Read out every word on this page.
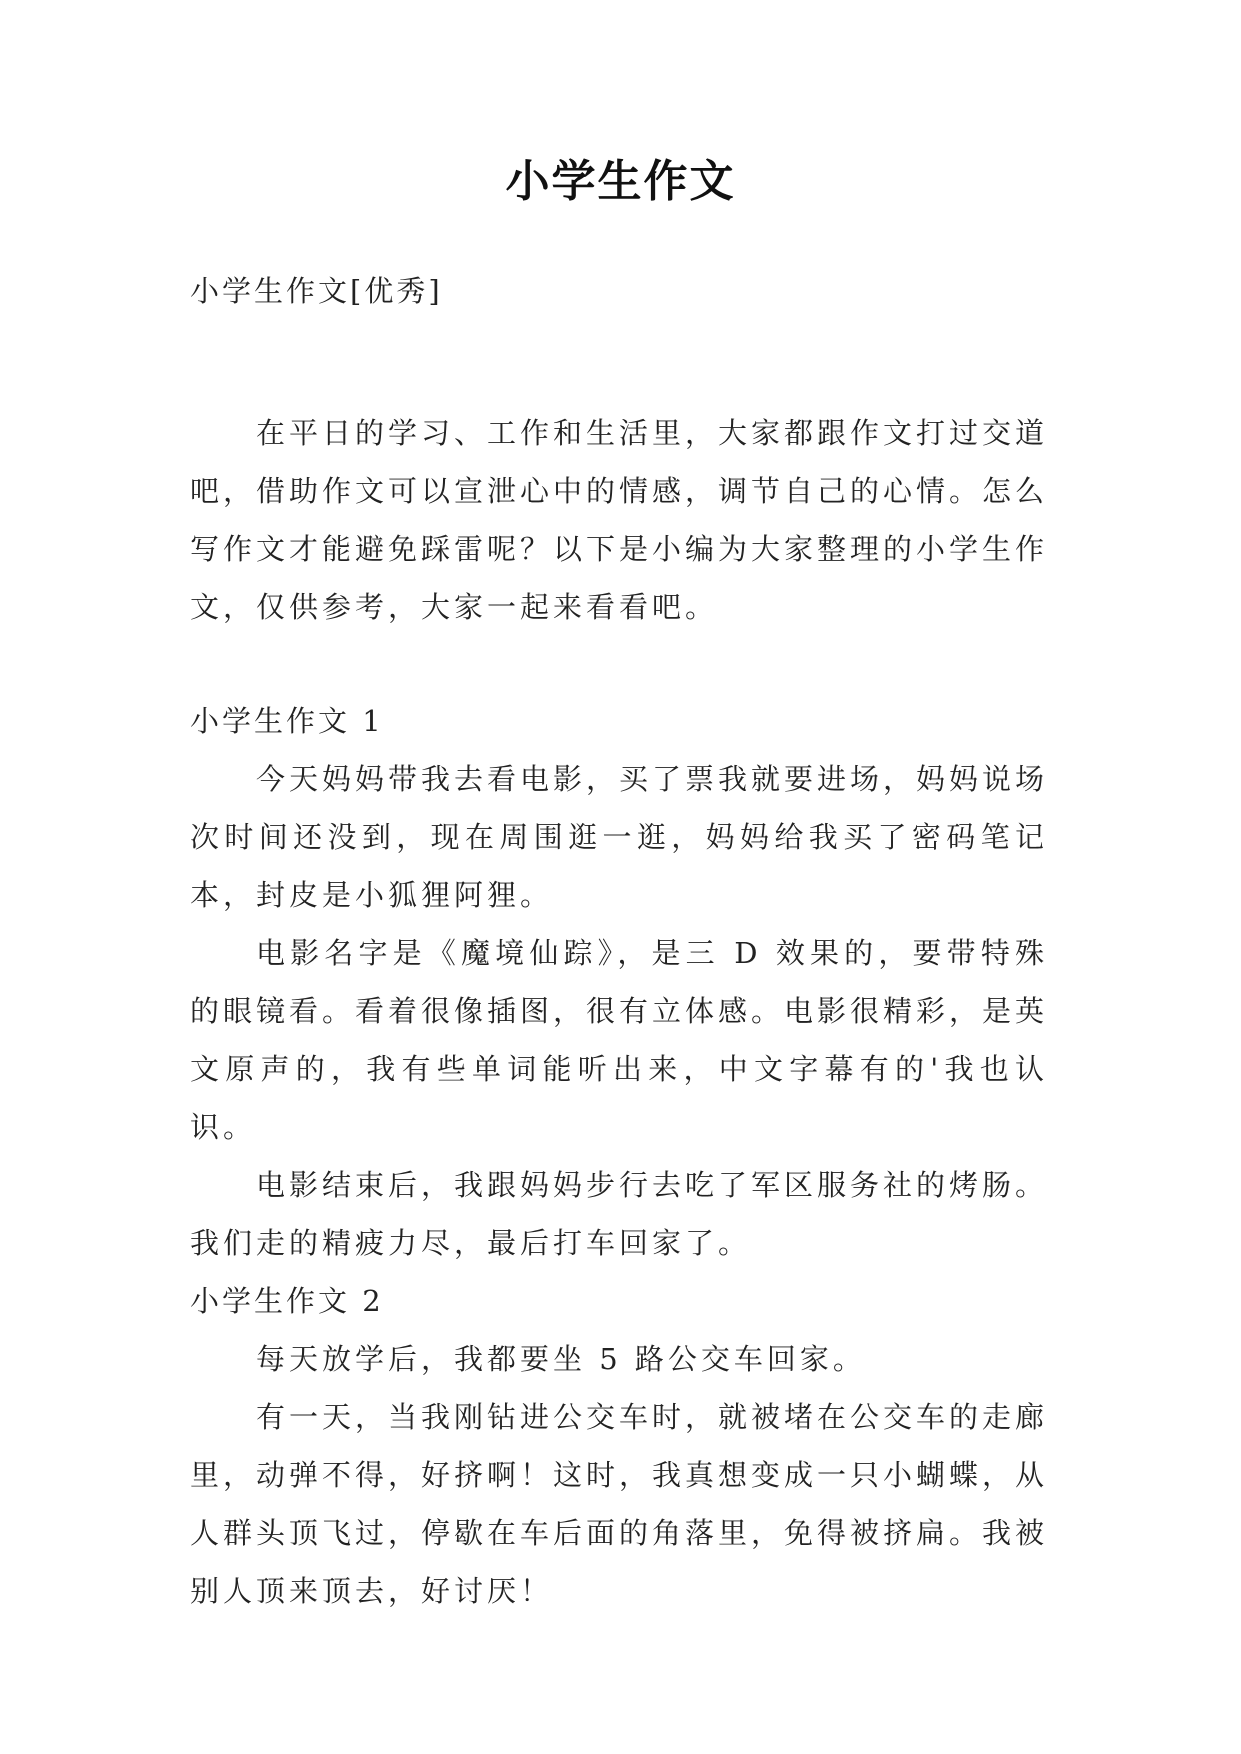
小学生作文
小学生作文[优秀]
在平日的学习、工作和生活里，大家都跟作文打过交道吧，借助作文可以宣泄心中的情感，调节自己的心情。怎么写作文才能避免踩雷呢？以下是小编为大家整理的小学生作文，仅供参考，大家一起来看看吧。

小学生作文 1

今天妈妈带我去看电影，买了票我就要进场，妈妈说场次时间还没到，现在周围逛一逛，妈妈给我买了密码笔记本，封皮是小狐狸阿狸。

电影名字是《魔境仙踪》，是三 D 效果的，要带特殊的眼镜看。看着很像插图，很有立体感。电影很精彩，是英文原声的，我有些单词能听出来，中文字幕有的'我也认识。

电影结束后，我跟妈妈步行去吃了军区服务社的烤肠。我们走的精疲力尽，最后打车回家了。

小学生作文 2

每天放学后，我都要坐 5 路公交车回家。

有一天，当我刚钻进公交车时，就被堵在公交车的走廊里，动弹不得，好挤啊！这时，我真想变成一只小蝴蝶，从人群头顶飞过，停歇在车后面的角落里，免得被挤扁。我被别人顶来顶去，好讨厌！
